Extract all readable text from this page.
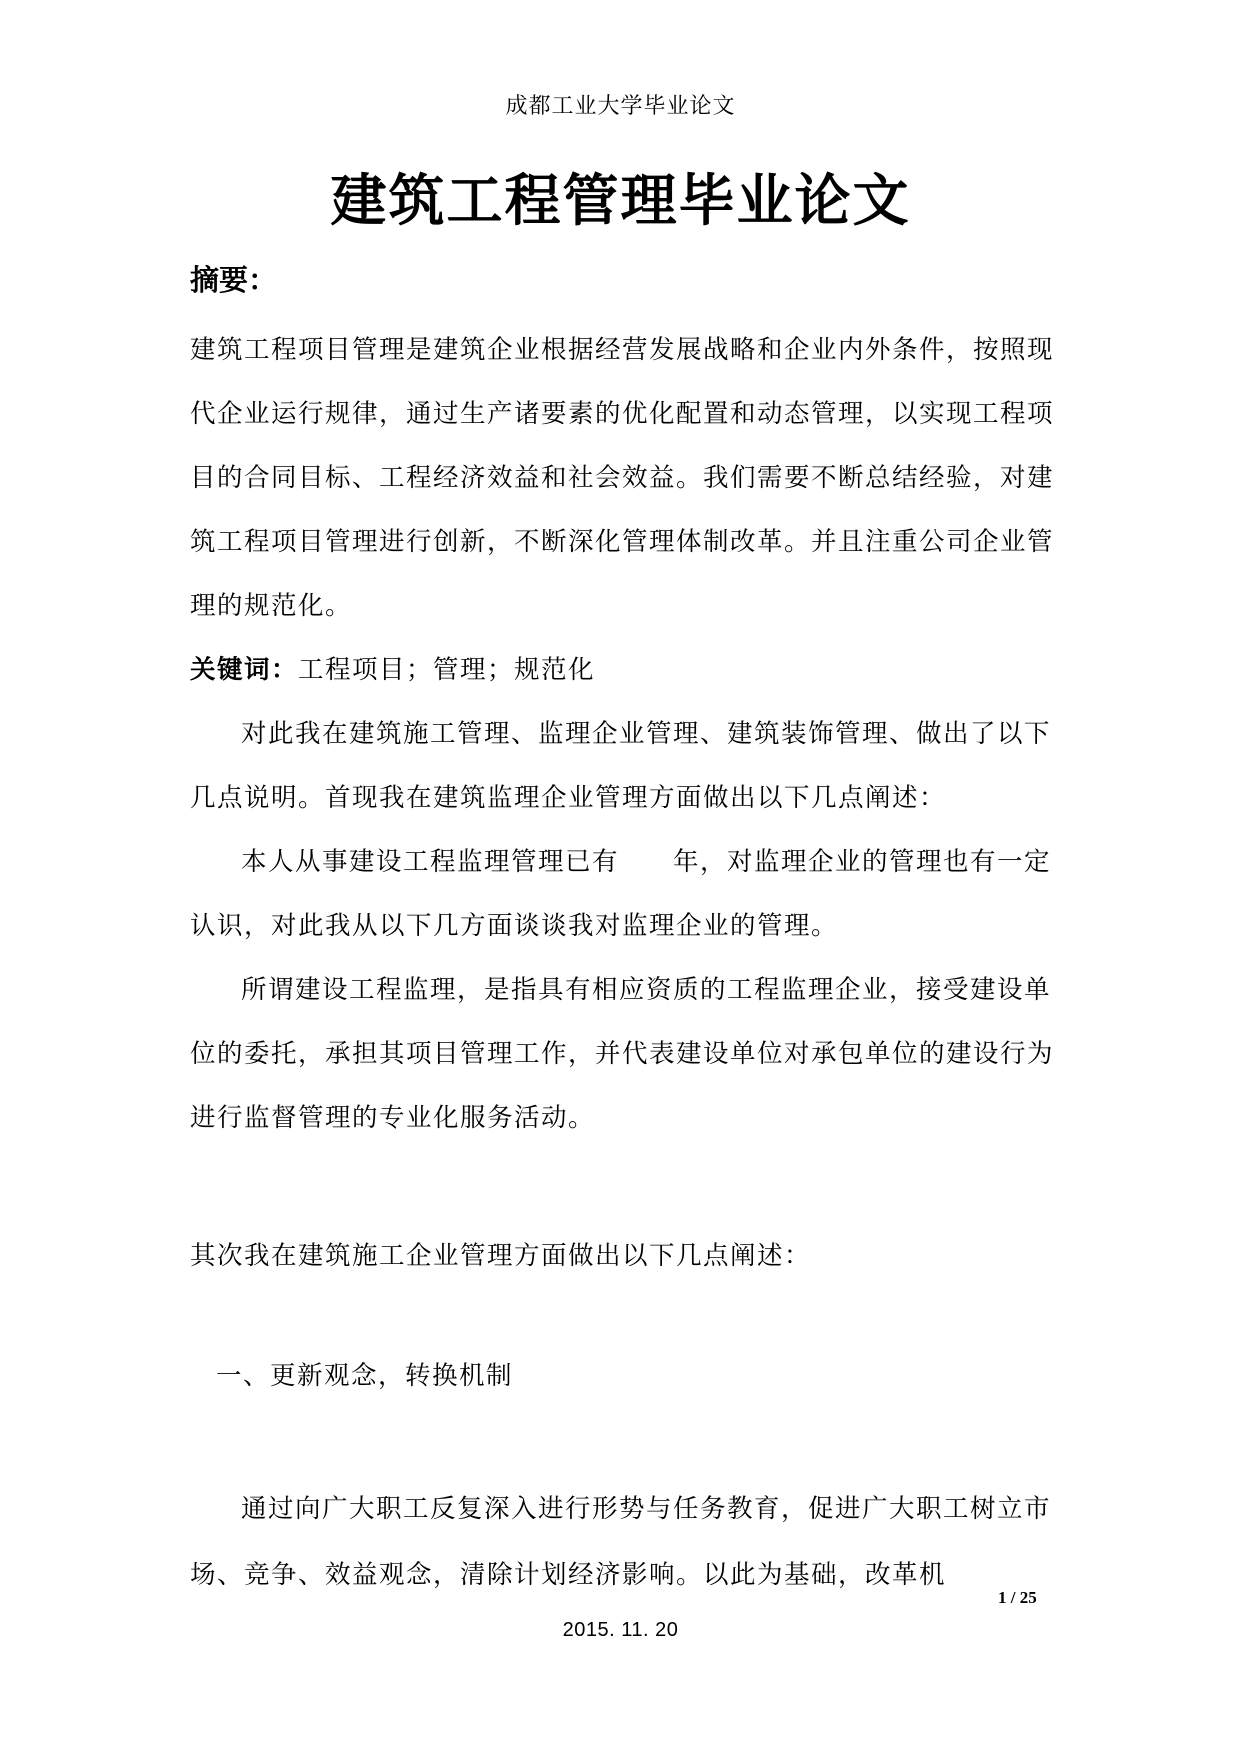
成都工业大学毕业论文
建筑工程管理毕业论文
摘要：

建筑工程项目管理是建筑企业根据经营发展战略和企业内外条件，按照现代企业运行规律，通过生产诸要素的优化配置和动态管理，以实现工程项目的合同目标、工程经济效益和社会效益。我们需要不断总结经验，对建筑工程项目管理进行创新，不断深化管理体制改革。并且注重公司企业管理的规范化。

关键词：工程项目；管理；规范化

对此我在建筑施工管理、监理企业管理、建筑装饰管理、做出了以下几点说明。首现我在建筑监理企业管理方面做出以下几点阐述：

本人从事建设工程监理管理已有　　年，对监理企业的管理也有一定认识，对此我从以下几方面谈谈我对监理企业的管理。

所谓建设工程监理，是指具有相应资质的工程监理企业，接受建设单位的委托，承担其项目管理工作，并代表建设单位对承包单位的建设行为进行监督管理的专业化服务活动。

其次我在建筑施工企业管理方面做出以下几点阐述：

一、更新观念，转换机制

通过向广大职工反复深入进行形势与任务教育，促进广大职工树立市场、竞争、效益观念，清除计划经济影响。以此为基础，改革机

1 / 25
2015. 11. 20
